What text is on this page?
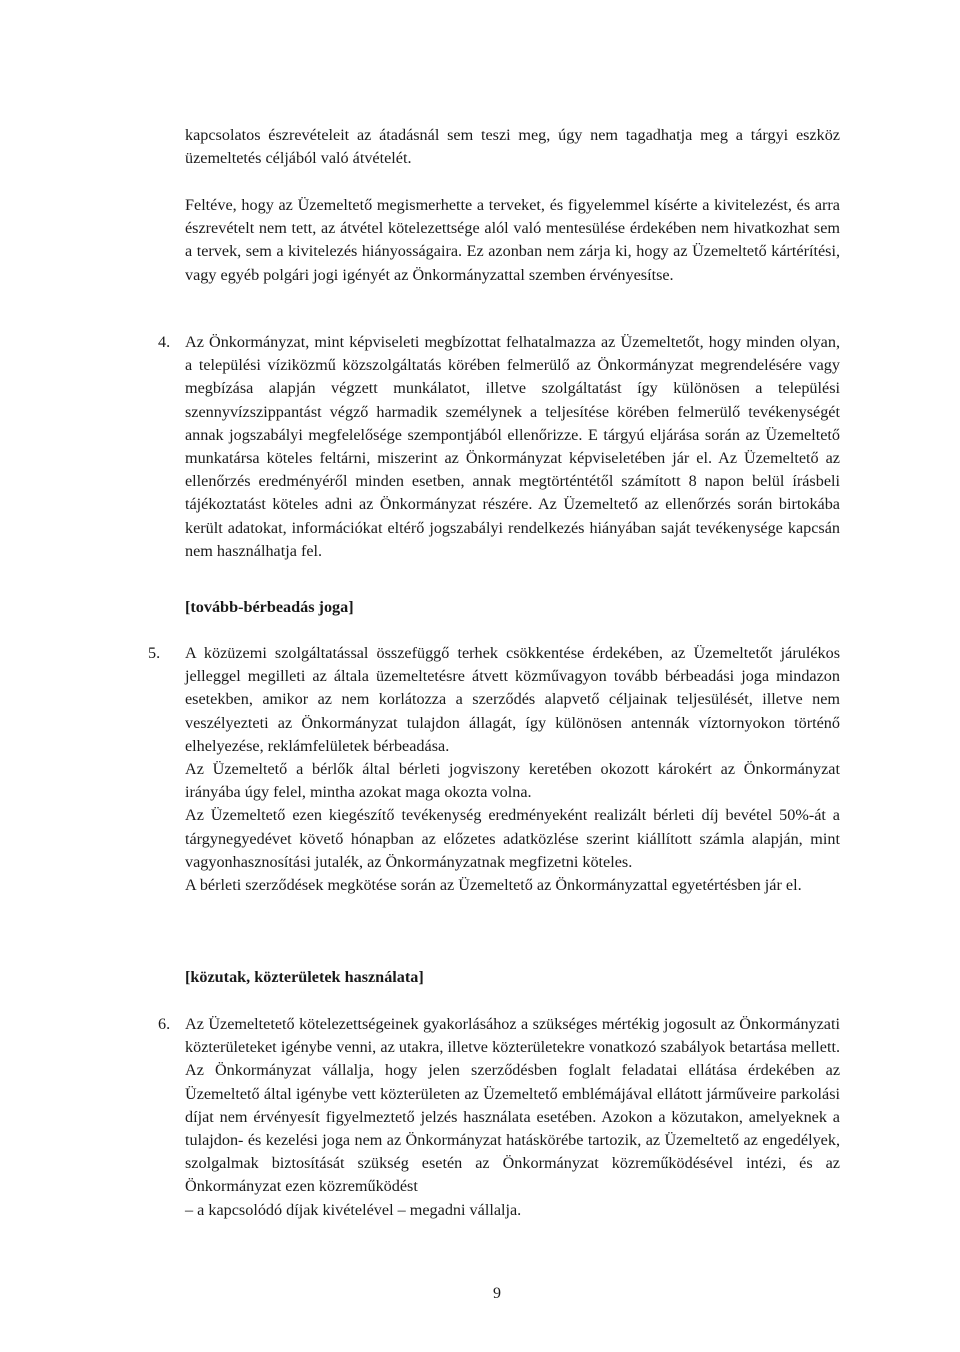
kapcsolatos észrevételeit az átadásnál sem teszi meg, úgy nem tagadhatja meg a tárgyi eszköz üzemeltetés céljából való átvételét.

Feltéve, hogy az Üzemeltető megismerhette a terveket, és figyelemmel kísérte a kivitelezést, és arra észrevételt nem tett, az átvétel kötelezettsége alól való mentesülése érdekében nem hivatkozhat sem a tervek, sem a kivitelezés hiányosságaira. Ez azonban nem zárja ki, hogy az Üzemeltető kártérítési, vagy egyéb polgári jogi igényét az Önkormányzattal szemben érvényesítse.

4. Az Önkormányzat, mint képviseleti megbízottat felhatalmazza az Üzemeltetőt, hogy minden olyan, a települési víziközmű közszolgáltatás körében felmerülő az Önkormányzat megrendelésére vagy megbízása alapján végzett munkálatot, illetve szolgáltatást így különösen a települési szennyvízszippantást végző harmadik személynek a teljesítése körében felmerülő tevékenységét annak jogszabályi megfelelősége szempontjából ellenőrizze. E tárgyú eljárása során az Üzemeltető munkatársa köteles feltárni, miszerint az Önkormányzat képviseletében jár el. Az Üzemeltető az ellenőrzés eredményéről minden esetben, annak megtörténtétől számított 8 napon belül írásbeli tájékoztatást köteles adni az Önkormányzat részére. Az Üzemeltető az ellenőrzés során birtokába került adatokat, információkat eltérő jogszabályi rendelkezés hiányában saját tevékenysége kapcsán nem használhatja fel.

[tovább-bérbeadás joga]

5. A közüzemi szolgáltatással összefüggő terhek csökkentése érdekében, az Üzemeltetőt járulékos jelleggel megilleti az általa üzemeltetésre átvett közművagyon tovább bérbeadási joga mindazon esetekben, amikor az nem korlátozza a szerződés alapvető céljainak teljesülését, illetve nem veszélyezteti az Önkormányzat tulajdon állagát, így különösen antennák víztornyokon történő elhelyezése, reklámfelületek bérbeadása.
Az Üzemeltető a bérlők által bérleti jogviszony keretében okozott károkért az Önkormányzat irányába úgy felel, mintha azokat maga okozta volna.
Az Üzemeltető ezen kiegészítő tevékenység eredményeként realizált bérleti díj bevétel 50%-át a tárgynegyedévet követő hónapban az előzetes adatközlése szerint kiállított számla alapján, mint vagyonhasznosítási jutalék, az Önkormányzatnak megfizetni köteles.
A bérleti szerződések megkötése során az Üzemeltető az Önkormányzattal egyetértésben jár el.

[közutak, közterületek használata]

6. Az Üzemeltetető kötelezettségeinek gyakorlásához a szükséges mértékig jogosult az Önkormányzati közterületeket igénybe venni, az utakra, illetve közterületekre vonatkozó szabályok betartása mellett. Az Önkormányzat vállalja, hogy jelen szerződésben foglalt feladatai ellátása érdekében az Üzemeltető által igénybe vett közterületen az Üzemeltető emblémájával ellátott járműveire parkolási díjat nem érvényesít figyelmeztető jelzés használata esetében. Azokon a közutakon, amelyeknek a tulajdon- és kezelési joga nem az Önkormányzat hatáskörébe tartozik, az Üzemeltető az engedélyek, szolgalmak biztosítását szükség esetén az Önkormányzat közreműködésével intézi, és az Önkormányzat ezen közreműködést
– a kapcsolódó díjak kivételével – megadni vállalja.
9
